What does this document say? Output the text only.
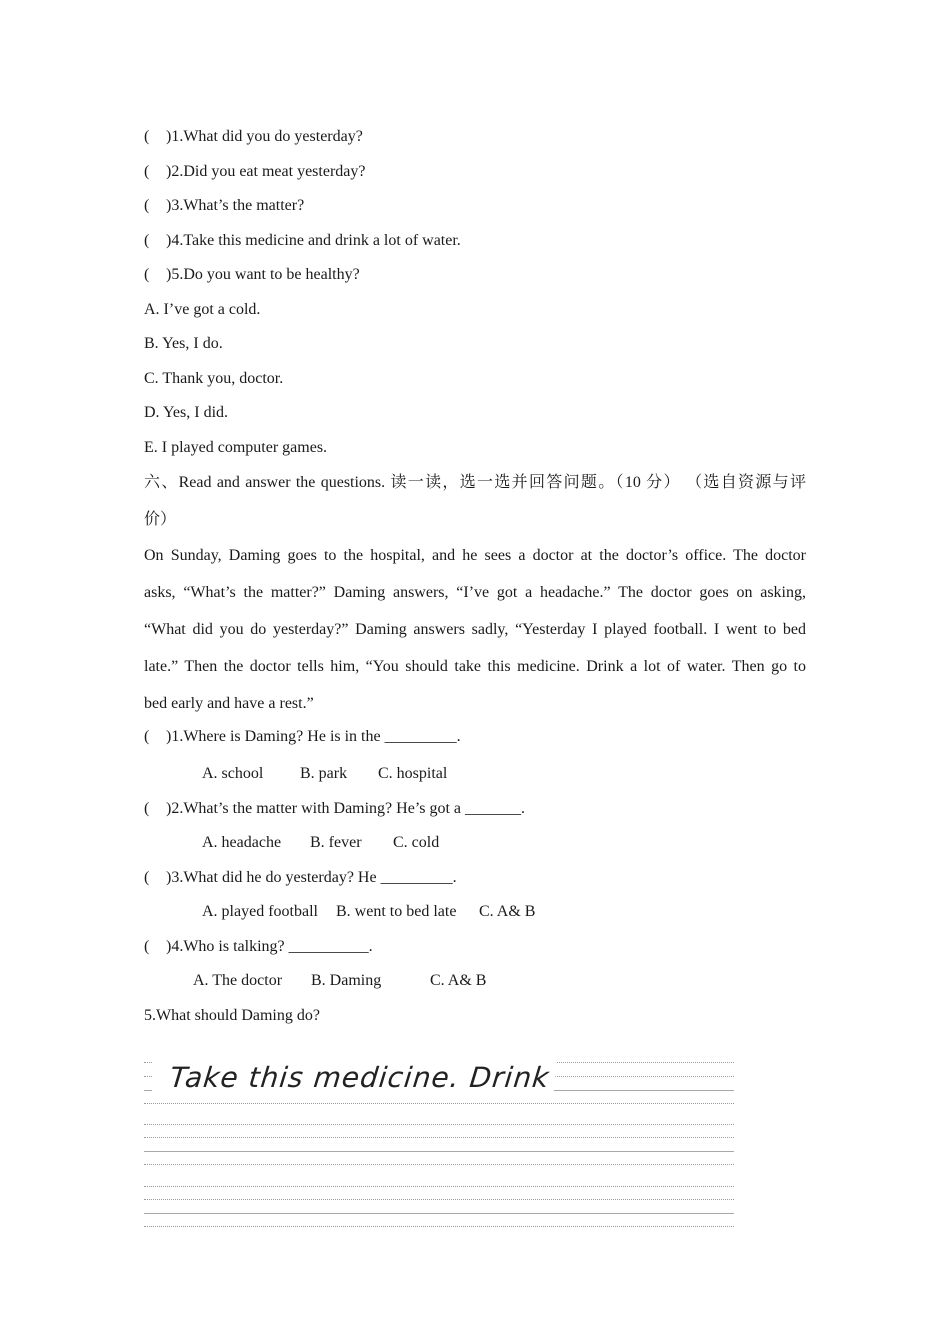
( )1.What did you do yesterday?
( )2.Did you eat meat yesterday?
( )3.What’s the matter?
( )4.Take this medicine and drink a lot of water.
( )5.Do you want to be healthy?
A. I’ve got a cold.
B. Yes, I do.
C. Thank you, doctor.
D. Yes, I did.
E. I played computer games.
六、Read and answer the questions. 读一读，选一选并回答问题。（10 分） （选自资源与评
价）
On Sunday, Daming goes to the hospital, and he sees a doctor at the doctor’s office. The doctor
asks, “What’s the matter?” Daming answers, “I’ve got a headache.” The doctor goes on asking,
“What did you do yesterday?” Daming answers sadly, “Yesterday I played football. I went to bed
late.” Then the doctor tells him, “You should take this medicine. Drink a lot of water. Then go to
bed early and have a rest.”
( )1.Where is Daming? He is in the _________.
A. school B. park C. hospital
( )2.What’s the matter with Daming? He’s got a _______.
A. headache B. fever C. cold
( )3.What did he do yesterday? He _________.
A. played football B. went to bed late C. A& B
( )4.Who is talking? __________.
A. The doctor B. Daming	C. A& B
5.What should Daming do?
Take this medicine. Drink
